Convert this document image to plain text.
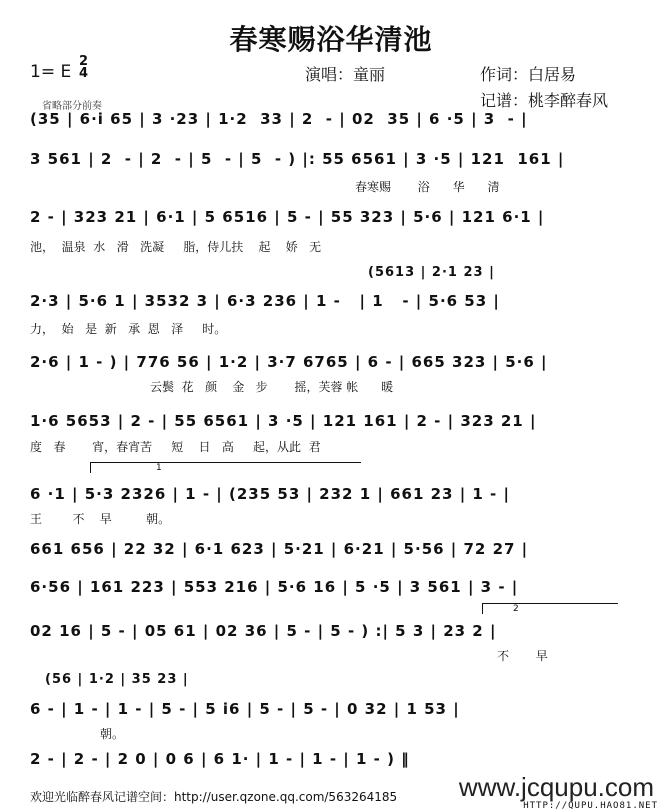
春寒赐浴华清池
1= E
2
4	演唱：童丽	作词：白居易
记谱：桃李醉春风
省略部分前奏
(35 | 6·i 65 | 3 ·23 | 1·2  33 | 2  - | 02  35 | 6 ·5 | 3  - |
3 561 | 2  - | 2  - | 5  - | 5  - ) |: 55 6561 | 3 ·5 | 121  161 |
春寒赐       浴      华      清
2 - | 323 21 | 6·1 | 5 6516 | 5 - | 55 323 | 5·6 | 121 6·1 |
池，  温泉  水   滑   洗凝     脂，侍儿扶    起    娇   无
(5613 | 2·1 23 |
2·3 | 5·6 1 | 3532 3 | 6·3 236 | 1 -   | 1   - | 5·6 53 |
力，  始   是  新   承  恩   泽     时。
2·6 | 1 - ) | 776 56 | 1·2 | 3·7 6765 | 6 - | 665 323 | 5·6 |
云鬓  花   颜    金   步       摇，芙蓉 帐      暖
1·6 5653 | 2 - | 55 6561 | 3 ·5 | 121 161 | 2 - | 323 21 |
度   春       宵，春宵苦     短    日   高     起，从此  君
1
6 ·1 | 5·3 2326 | 1 - | (235 53 | 232 1 | 661 23 | 1 - |
王        不    早         朝。
661 656 | 22 32 | 6·1 623 | 5·21 | 6·21 | 5·56 | 72 27 |
6·56 | 161 223 | 553 216 | 5·6 16 | 5 ·5 | 3 561 | 3 - |
2
02 16 | 5 - | 05 61 | 02 36 | 5 - | 5 - ) :| 5 3 | 23 2 |
不       早
(56 | 1·2 | 35 23 |
6 - | 1 - | 1 - | 5 - | 5 i6 | 5 - | 5 - | 0 32 | 1 53 |
朝。
2 - | 2 - | 2 0 | 0 6 | 6 1· | 1 - | 1 - | 1 - ) ‖
欢迎光临醉春风记谱空间：http://user.qzone.qq.com/563264185 www.jcqupu.com
HTTP://QUPU.HAO81.NET
